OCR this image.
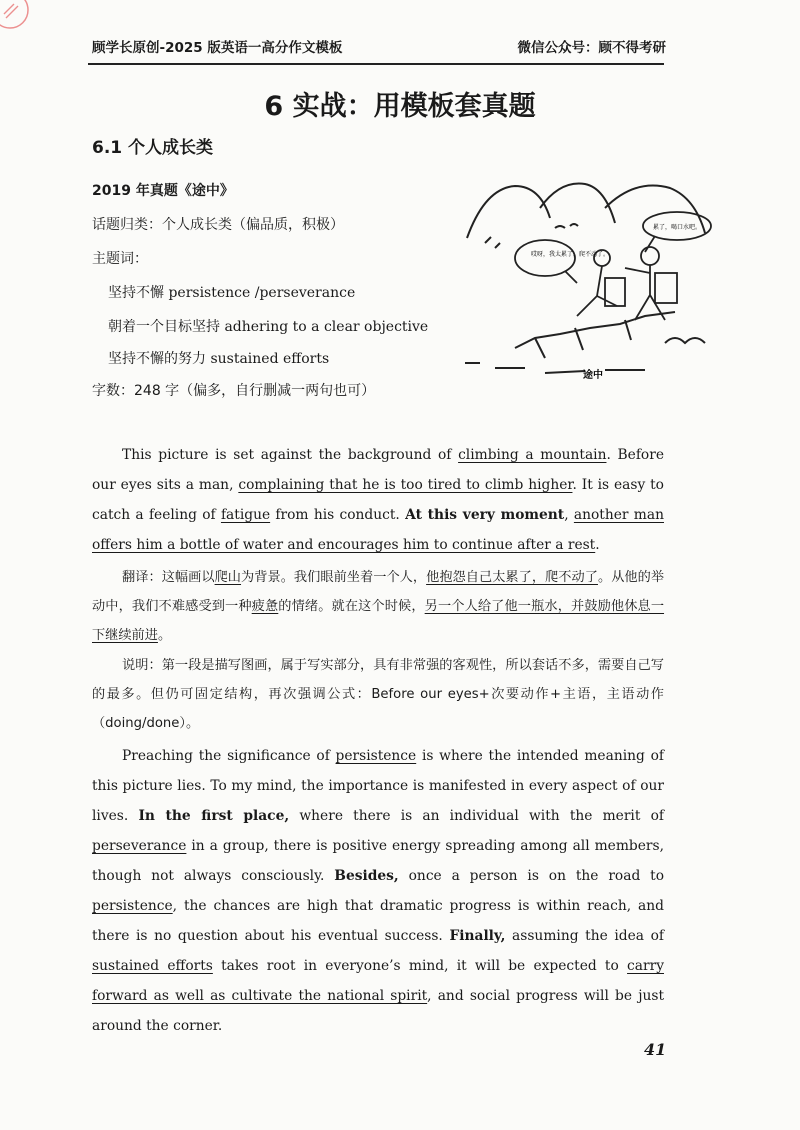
顾学长原创-2025 版英语一高分作文模板	微信公众号：顾不得考研
6 实战：用模板套真题
6.1 个人成长类
2019 年真题《途中》
话题归类：个人成长类（偏品质，积极）
主题词：
坚持不懈 persistence /perseverance
朝着一个目标坚持 adhering to a clear objective
坚持不懈的努力 sustained efforts
字数：248 字（偏多，自行删减一两句也可）
哎呀，我太累了，爬不动了。
累了，喝口水吧。
途中
This picture is set against the background of climbing a mountain. Before our eyes sits a man, complaining that he is too tired to climb higher. It is easy to catch a feeling of fatigue from his conduct. At this very moment, another man offers him a bottle of water and encourages him to continue after a rest.
翻译：这幅画以爬山为背景。我们眼前坐着一个人，他抱怨自己太累了，爬不动了。从他的举动中，我们不难感受到一种疲惫的情绪。就在这个时候，另一个人给了他一瓶水，并鼓励他休息一下继续前进。
说明：第一段是描写图画，属于写实部分，具有非常强的客观性，所以套话不多，需要自己写的最多。但仍可固定结构，再次强调公式：Before our eyes+次要动作+主语，主语动作（doing/done）。
Preaching the significance of persistence is where the intended meaning of this picture lies. To my mind, the importance is manifested in every aspect of our lives. In the first place, where there is an individual with the merit of perseverance in a group, there is positive energy spreading among all members, though not always consciously. Besides, once a person is on the road to persistence, the chances are high that dramatic progress is within reach, and there is no question about his eventual success. Finally, assuming the idea of sustained efforts takes root in everyone’s mind, it will be expected to carry forward as well as cultivate the national spirit, and social progress will be just around the corner.
41
